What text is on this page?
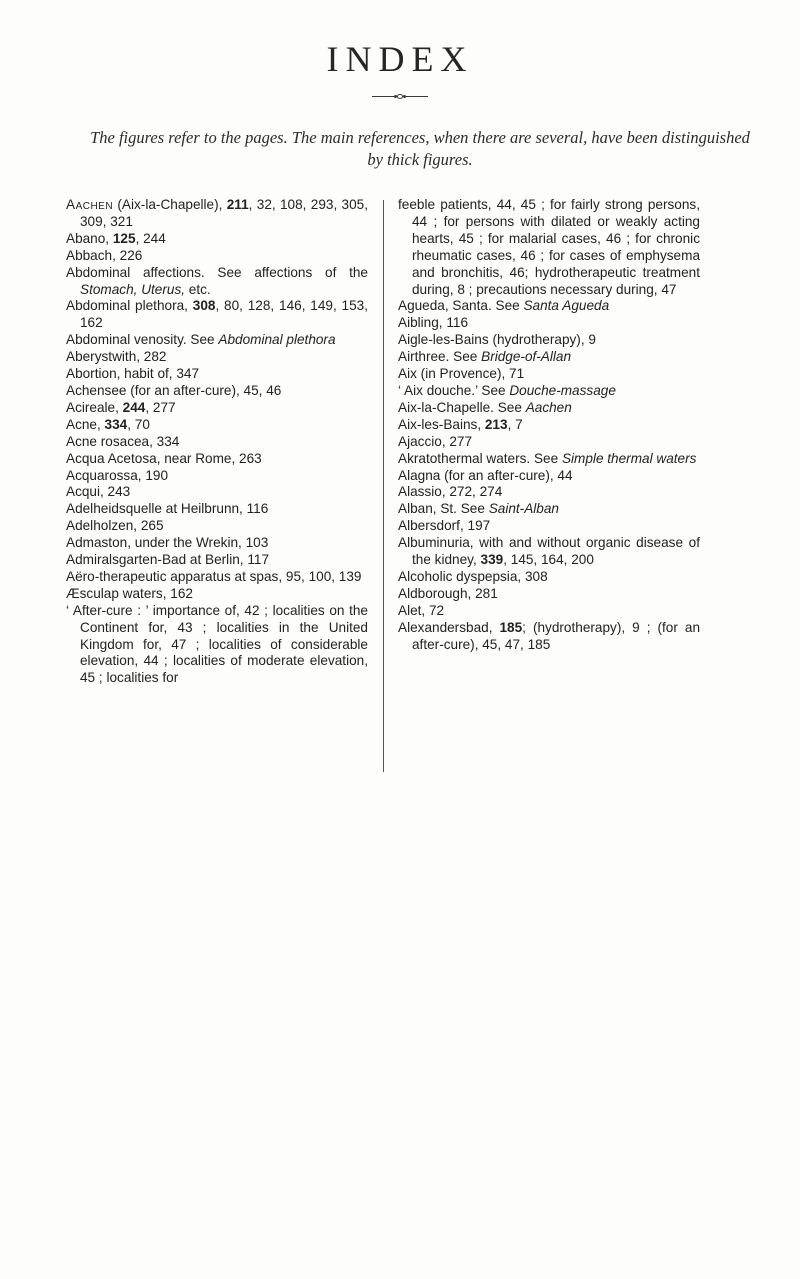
INDEX
The figures refer to the pages. The main references, when there are several, have been distinguished by thick figures.

Aachen (Aix-la-Chapelle), 211, 32, 108, 293, 305, 309, 321

Abano, 125, 244

Abbach, 226

Abdominal affections. See affections of the Stomach, Uterus, etc.

Abdominal plethora, 308, 80, 128, 146, 149, 153, 162

Abdominal venosity. See Abdominal plethora

Aberystwith, 282

Abortion, habit of, 347

Achensee (for an after-cure), 45, 46

Acireale, 244, 277

Acne, 334, 70

Acne rosacea, 334

Acqua Acetosa, near Rome, 263

Acquarossa, 190

Acqui, 243

Adelheidsquelle at Heilbrunn, 116

Adelholzen, 265

Admaston, under the Wrekin, 103

Admiralsgarten-Bad at Berlin, 117

Aëro-therapeutic apparatus at spas, 95, 100, 139

Æsculap waters, 162

‘ After-cure : ’ importance of, 42 ; localities on the Continent for, 43 ; localities in the United Kingdom for, 47 ; localities of considerable elevation, 44 ; localities of moderate elevation, 45 ; localities for

feeble patients, 44, 45 ; for fairly strong persons, 44 ; for persons with dilated or weakly acting hearts, 45 ; for malarial cases, 46 ; for chronic rheumatic cases, 46 ; for cases of emphysema and bronchitis, 46; hydrotherapeutic treatment during, 8 ; precautions necessary during, 47

Agueda, Santa. See Santa Agueda

Aibling, 116

Aigle-les-Bains (hydrotherapy), 9

Airthree. See Bridge-of-Allan

Aix (in Provence), 71

‘ Aix douche.’ See Douche-massage

Aix-la-Chapelle. See Aachen

Aix-les-Bains, 213, 7

Ajaccio, 277

Akratothermal waters. See Simple thermal waters

Alagna (for an after-cure), 44

Alassio, 272, 274

Alban, St. See Saint-Alban

Albersdorf, 197

Albuminuria, with and without organic disease of the kidney, 339, 145, 164, 200

Alcoholic dyspepsia, 308

Aldborough, 281

Alet, 72

Alexandersbad, 185; (hydrotherapy), 9 ; (for an after-cure), 45, 47, 185
